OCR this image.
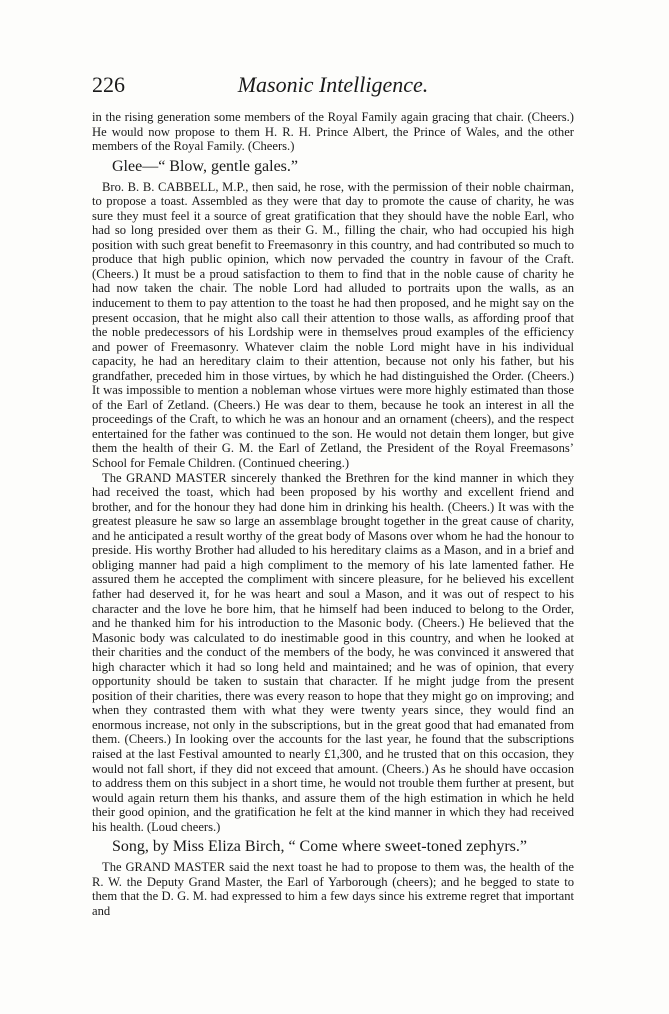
226	Masonic Intelligence.

in the rising generation some members of the Royal Family again gracing that chair. (Cheers.) He would now propose to them H. R. H. Prince Albert, the Prince of Wales, and the other members of the Royal Family. (Cheers.)

Glee—“ Blow, gentle gales.”

Bro. B. B. CABBELL, M.P., then said, he rose, with the permission of their noble chairman, to propose a toast. Assembled as they were that day to promote the cause of charity, he was sure they must feel it a source of great gratification that they should have the noble Earl, who had so long presided over them as their G. M., filling the chair, who had occupied his high position with such great benefit to Freemasonry in this country, and had contributed so much to produce that high public opinion, which now pervaded the country in favour of the Craft. (Cheers.) It must be a proud satisfaction to them to find that in the noble cause of charity he had now taken the chair. The noble Lord had alluded to portraits upon the walls, as an inducement to them to pay attention to the toast he had then proposed, and he might say on the present occasion, that he might also call their attention to those walls, as affording proof that the noble predecessors of his Lordship were in themselves proud examples of the efficiency and power of Freemasonry. Whatever claim the noble Lord might have in his individual capacity, he had an hereditary claim to their attention, because not only his father, but his grandfather, preceded him in those virtues, by which he had distinguished the Order. (Cheers.) It was impossible to mention a nobleman whose virtues were more highly estimated than those of the Earl of Zetland. (Cheers.) He was dear to them, because he took an interest in all the proceedings of the Craft, to which he was an honour and an ornament (cheers), and the respect entertained for the father was continued to the son. He would not detain them longer, but give them the health of their G. M. the Earl of Zetland, the President of the Royal Freemasons’ School for Female Children. (Continued cheering.)

The GRAND MASTER sincerely thanked the Brethren for the kind manner in which they had received the toast, which had been proposed by his worthy and excellent friend and brother, and for the honour they had done him in drinking his health. (Cheers.) It was with the greatest pleasure he saw so large an assemblage brought together in the great cause of charity, and he anticipated a result worthy of the great body of Masons over whom he had the honour to preside. His worthy Brother had alluded to his hereditary claims as a Mason, and in a brief and obliging manner had paid a high compliment to the memory of his late lamented father. He assured them he accepted the compliment with sincere pleasure, for he believed his excellent father had deserved it, for he was heart and soul a Mason, and it was out of respect to his character and the love he bore him, that he himself had been induced to belong to the Order, and he thanked him for his introduction to the Masonic body. (Cheers.) He believed that the Masonic body was calculated to do inestimable good in this country, and when he looked at their charities and the conduct of the members of the body, he was convinced it answered that high character which it had so long held and maintained; and he was of opinion, that every opportunity should be taken to sustain that character. If he might judge from the present position of their charities, there was every reason to hope that they might go on improving; and when they contrasted them with what they were twenty years since, they would find an enormous increase, not only in the subscriptions, but in the great good that had emanated from them. (Cheers.) In looking over the accounts for the last year, he found that the subscriptions raised at the last Festival amounted to nearly £1,300, and he trusted that on this occasion, they would not fall short, if they did not exceed that amount. (Cheers.) As he should have occasion to address them on this subject in a short time, he would not trouble them further at present, but would again return them his thanks, and assure them of the high estimation in which he held their good opinion, and the gratification he felt at the kind manner in which they had received his health. (Loud cheers.)

Song, by Miss Eliza Birch, “ Come where sweet-toned zephyrs.”

The GRAND MASTER said the next toast he had to propose to them was, the health of the R. W. the Deputy Grand Master, the Earl of Yarborough (cheers); and he begged to state to them that the D. G. M. had expressed to him a few days since his extreme regret that important and
